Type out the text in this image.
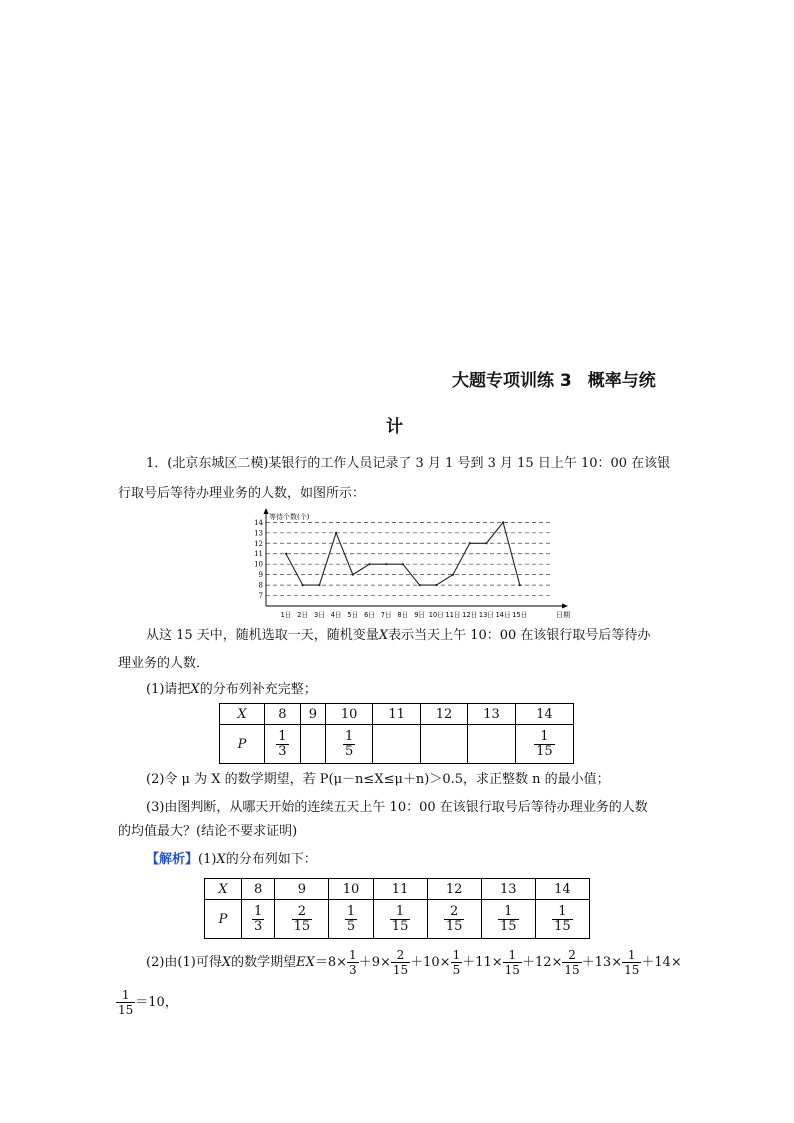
大题专项训练 3 概率与统
计
1．(北京东城区二模)某银行的工作人员记录了 3 月 1 号到 3 月 15 日上午 10：00 在该银
行取号后等待办理业务的人数，如图所示：
7
8
9
10
11
12
13
14
等待个数(个)
日期
1日 2日 3日 4日 5日 6日 7日 8日 9日 10日 11日 12日 13日 14日 15日
从这 15 天中，随机选取一天，随机变量X表示当天上午 10：00 在该银行取号后等待办
理业务的人数．
(1)请把X的分布列补充完整；
X	8	9	10	11	12	13	14
P	$\frac{1}{3}$		$\frac{1}{5}$				$\frac{1}{15}$
(2)令 μ 为 X 的数学期望，若 P(μ－n≤X≤μ＋n)＞0.5，求正整数 n 的最小值；
(3)由图判断，从哪天开始的连续五天上午 10：00 在该银行取号后等待办理业务的人数
的均值最大？(结论不要求证明)
【解析】(1)X的分布列如下：
X	8	9	10	11	12	13	14
P	$\frac{1}{3}$	$\frac{2}{15}$	$\frac{1}{5}$	$\frac{1}{15}$	$\frac{2}{15}$	$\frac{1}{15}$	$\frac{1}{15}$
(2)由(1)可得X的数学期望$EX=8\times \frac{1}{3} +9\times \frac{2}{15} +10\times \frac{1}{5} +11\times \frac{1}{15} +12\times \frac{2}{15} +13\times \frac{1}{15} +14\times$
$\frac{1}{15} =10$，
